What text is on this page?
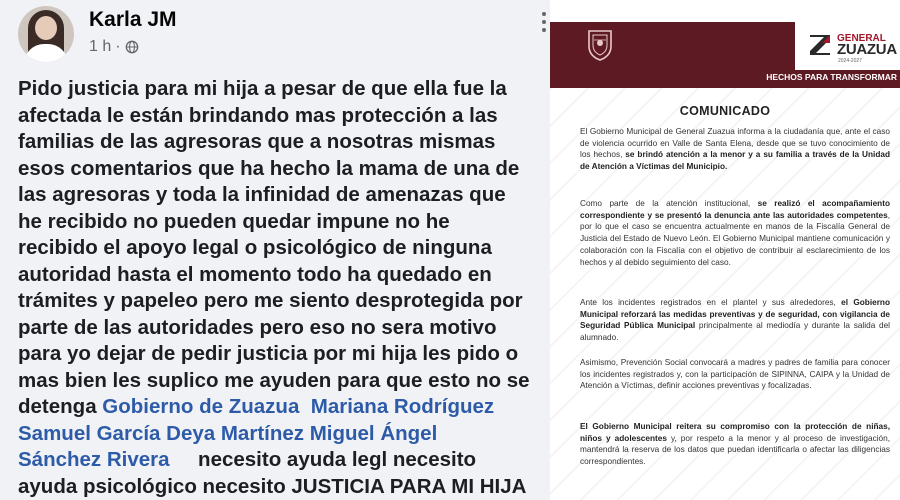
Karla JM
1 h ·
Pido justicia para mi hija a pesar de que ella fue la
afectada le están brindando mas protección a las
familias de las agresoras que a nosotras mismas
esos comentarios que ha hecho la mama de una de
las agresoras y toda la infinidad de amenazas que
he recibido no pueden quedar impune no he
recibido el apoyo legal o psicológico de ninguna
autoridad hasta el momento todo ha quedado en
trámites y papeleo pero me siento desprotegida por
parte de las autoridades pero eso no sera motivo
para yo dejar de pedir justicia por mi hija les pido o
mas bien les suplico me ayuden para que esto no se
detenga Gobierno de Zuazua Mariana Rodríguez
Samuel García Deya Martínez Miguel Ángel
Sánchez Rivera necesito ayuda legl necesito
ayuda psicológico necesito JUSTICIA PARA MI HIJA
GENERAL
ZUAZUA
2024-2027
HECHOS PARA TRANSFORMAR
COMUNICADO

El Gobierno Municipal de General Zuazua informa a la ciudadanía que, ante el caso de violencia ocurrido en Valle de Santa Elena, desde que se tuvo conocimiento de los hechos, se brindó atención a la menor y a su familia a través de la Unidad de Atención a Víctimas del Municipio.

Como parte de la atención institucional, se realizó el acompañamiento correspondiente y se presentó la denuncia ante las autoridades competentes, por lo que el caso se encuentra actualmente en manos de la Fiscalía General de Justicia del Estado de Nuevo León. El Gobierno Municipal mantiene comunicación y colaboración con la Fiscalía con el objetivo de contribuir al esclarecimiento de los hechos y al debido seguimiento del caso.

Ante los incidentes registrados en el plantel y sus alrededores, el Gobierno Municipal reforzará las medidas preventivas y de seguridad, con vigilancia de Seguridad Pública Municipal principalmente al mediodía y durante la salida del alumnado.

Asimismo, Prevención Social convocará a madres y padres de familia para conocer los incidentes registrados y, con la participación de SIPINNA, CAIPA y la Unidad de Atención a Víctimas, definir acciones preventivas y focalizadas.

El Gobierno Municipal reitera su compromiso con la protección de niñas, niños y adolescentes y, por respeto a la menor y al proceso de investigación, mantendrá la reserva de los datos que puedan identificarla o afectar las diligencias correspondientes.
